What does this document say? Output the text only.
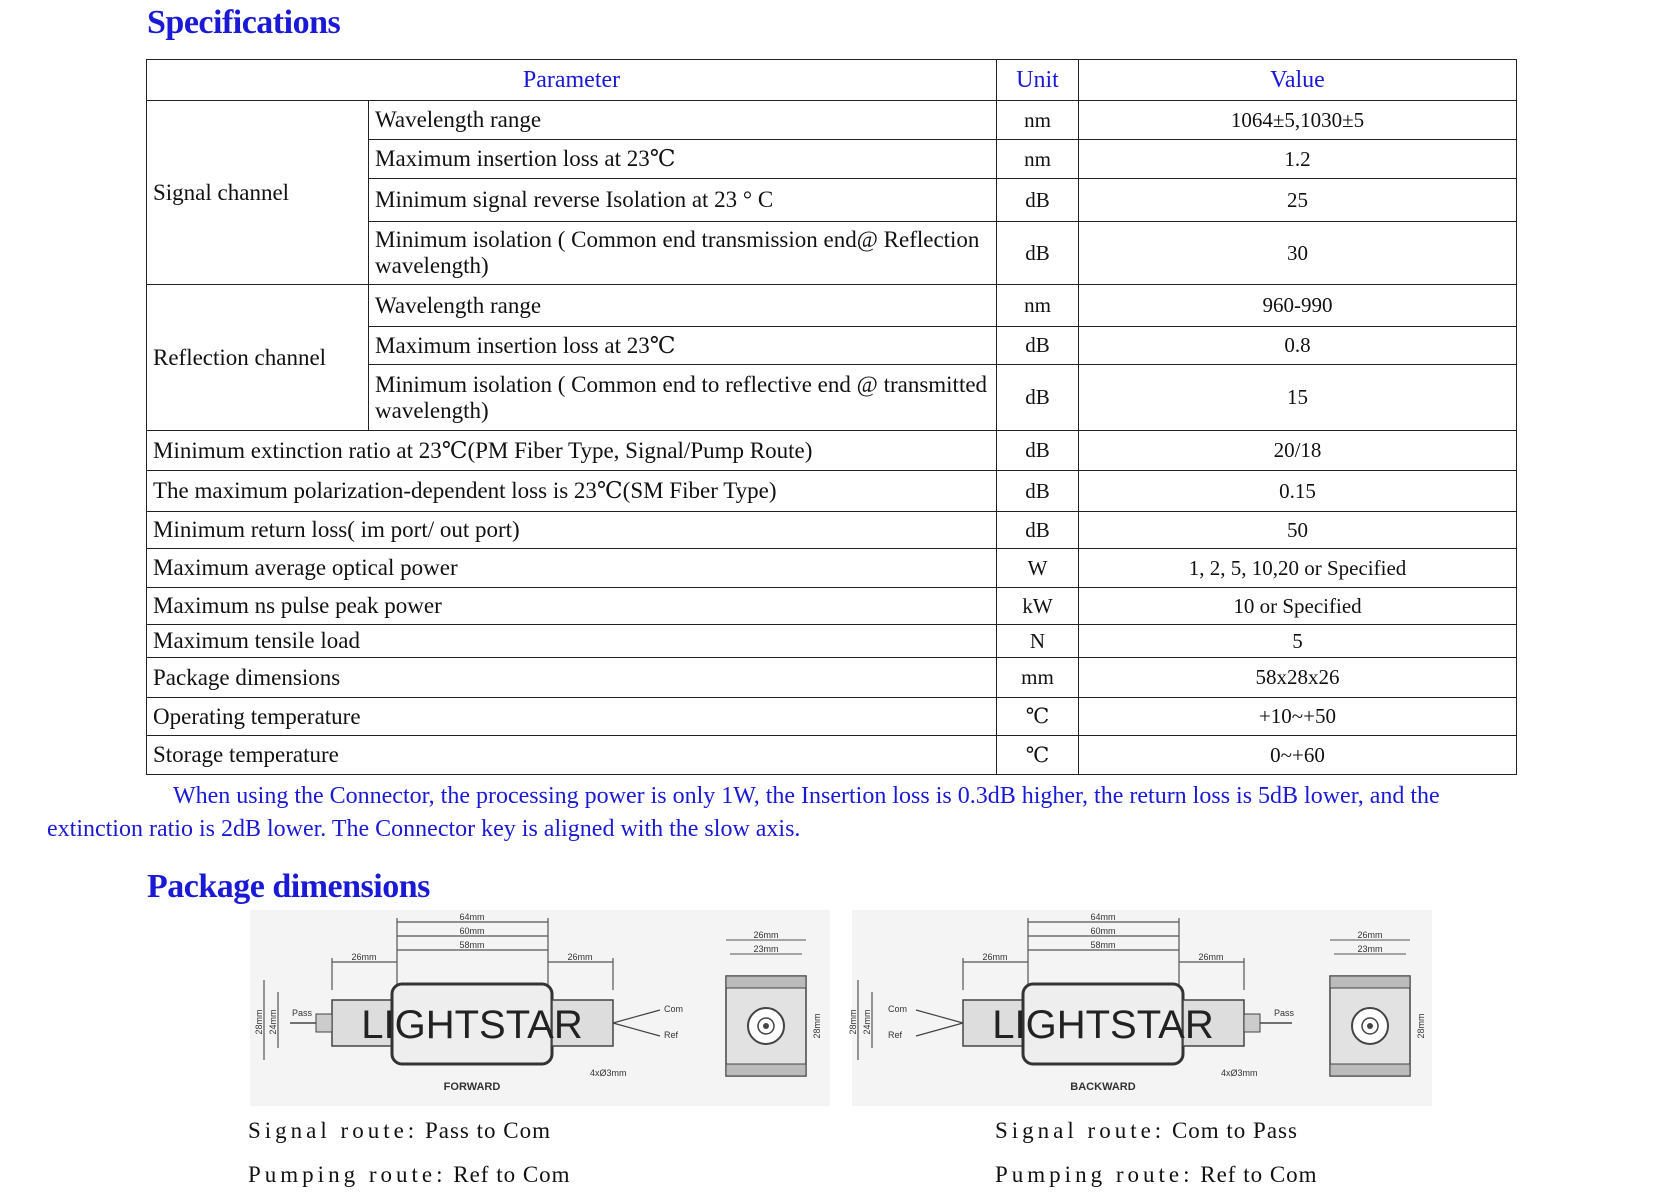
Specifications
Parameter		Unit	Value
Signal channel	Wavelength range	nm	1064±5,1030±5
	Maximum insertion loss at 23℃	nm	1.2
	Minimum signal reverse Isolation at 23 ° C	dB	25
	Minimum isolation ( Common end transmission end@ Reflection wavelength)	dB	30
Reflection channel	Wavelength range	nm	960-990
	Maximum insertion loss at 23℃	dB	0.8
	Minimum isolation ( Common end to reflective end @ transmitted wavelength)	dB	15
Minimum extinction ratio at 23℃(PM Fiber Type, Signal/Pump Route)		dB	20/18
The maximum polarization-dependent loss is 23℃(SM Fiber Type)		dB	0.15
Minimum return loss( im port/ out port)		dB	50
Maximum average optical power		W	1, 2, 5, 10,20 or Specified
Maximum ns pulse peak power		kW	10 or Specified
Maximum tensile load		N	5
Package dimensions		mm	58x28x26
Operating temperature		℃	+10~+50
Storage temperature		℃	0~+60

When using the Connector, the processing power is only 1W, the Insertion loss is 0.3dB higher, the return loss is 5dB lower, and the extinction ratio is 2dB lower. The Connector key is aligned with the slow axis.

Package dimensions
LIGHTSTAR
FORWARD
64mm
60mm
58mm
26mm	26mm
28mm 24mm Pass	Com
Ref
4xØ3mm
26mm
23mm
28mm	LIGHTSTAR
BACKWARD
64mm
60mm
58mm
26mm	26mm
28mm 24mm
Com
Ref
Pass
4xØ3mm
26mm
23mm
28mm
Signal route: Pass to Com
Pumping route: Ref to Com
Signal route: Com to Pass
Pumping route: Ref to Com
